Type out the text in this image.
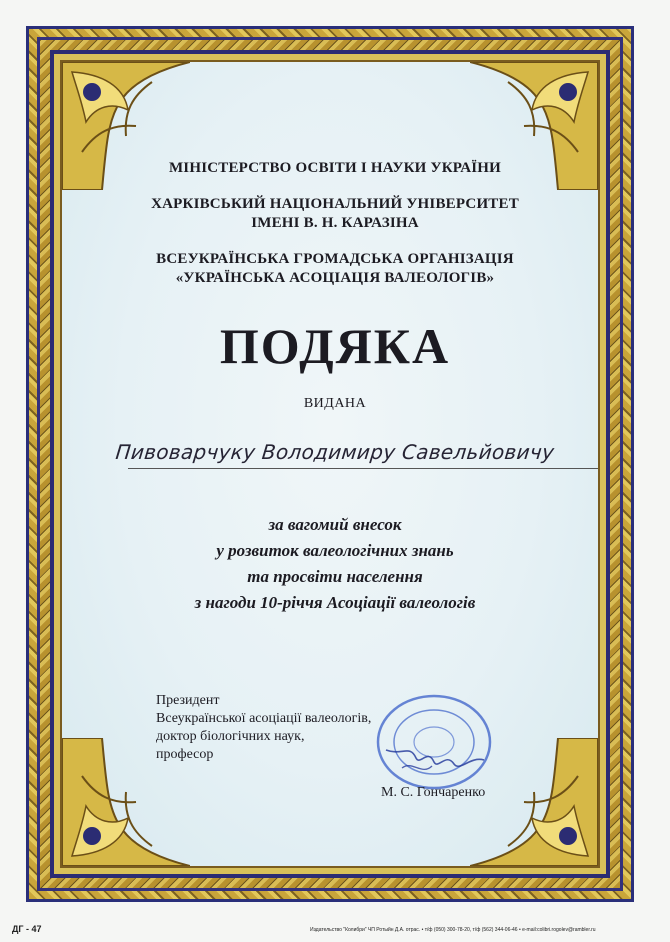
МІНІСТЕРСТВО ОСВІТИ І НАУКИ УКРАЇНИ

ХАРКІВСЬКИЙ НАЦІОНАЛЬНИЙ УНІВЕРСИТЕТ

ІМЕНІ В. Н. КАРАЗІНА

ВСЕУКРАЇНСЬКА ГРОМАДСЬКА ОРГАНІЗАЦІЯ

«УКРАЇНСЬКА АСОЦІАЦІЯ ВАЛЕОЛОГІВ»

ПОДЯКА

ВИДАНА

Пивоварчуку Володимиру Савельйовичу

за вагомий внесок

у розвиток валеологічних знань

та просвіти населення

з нагоди 10-річчя Асоціації валеологів

Президент
Всеукраїнської асоціації валеологів,
доктор біологічних наук,
професор
М. С. Гончаренко
ДГ - 47	Издательство "Колибри" ЧП Ротыйн Д.А. отрас. • т/ф (050) 300-78-20, т/ф (562) 344-06-46 • e-mail:colibri.rogolev@rambler.ru
